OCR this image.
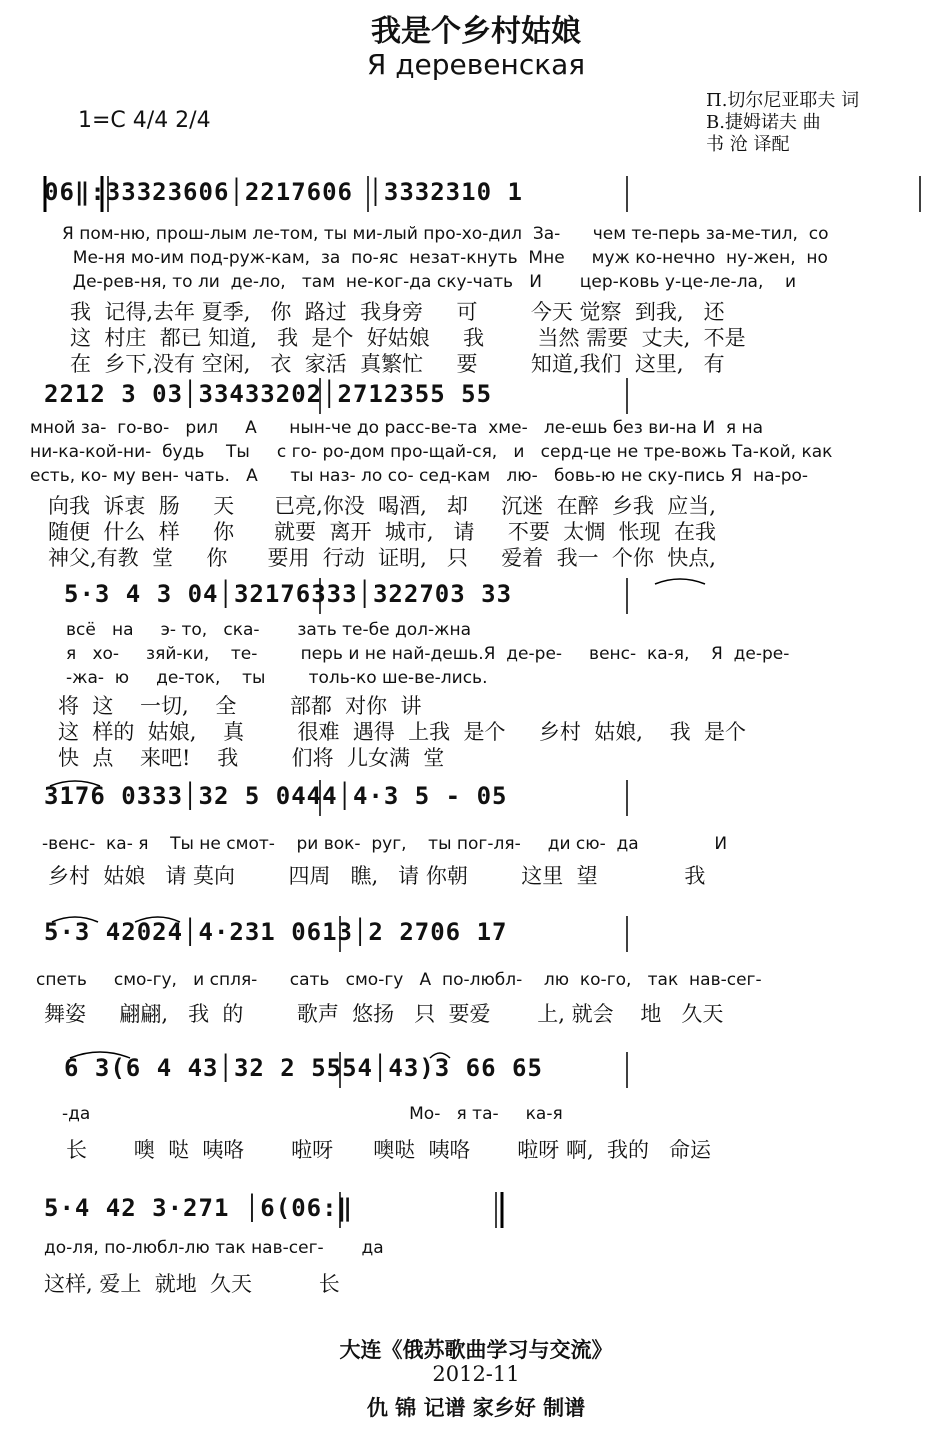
我是个乡村姑娘
Я деревенская
1=C 4/4 2/4
П.切尔尼亚耶夫 词
В.捷姆诺夫 曲
书 沧 译配
06‖:33323606│2217606 │3332310 1
Я пом-ню, прош-лым ле-том, ты ми-лый про-хо-дил  За-      чем те-перь за-ме-тил,  со
Ме-ня мо-им под-руж-кам,  за  по-яс  незат-кнуть  Мне     муж ко-нечно  ну-жен,  но
Де-рев-ня, то ли  де-ло,   там  не-ког-да ску-чать   И       цер-ковь у-це-ле-ла,    и
我  记得,去年 夏季,   你  路过  我身旁     可        今天 觉察  到我,   还
这  村庄  都已 知道,   我  是个  好姑娘     我        当然 需要  丈夫,  不是
在  乡下,没有 空闲,   衣  家活  真繁忙     要        知道,我们  这里,   有
2212 3 03│33433202│2712355 55
мной за-  го-во-   рил     А      нын-че до расс-ве-та  хме-   ле-ешь без ви-на И  я на
ни-ка-кой-ни-  будь    Ты     с го- ро-дом про-щай-ся,   и   серд-це не тре-вожь Та-кой, как
есть, ко- му вен- чать.   А      ты наз- ло со- сед-кам   лю-   бовь-ю не ску-пись Я  на-ро-
向我  诉衷  肠     天      已亮,你没  喝酒,   却     沉迷  在醉  乡我  应当,
随便  什么  样     你      就要  离开  城市,   请     不要  太惆  怅现  在我
神父,有教  堂     你      要用  行动  证明,   只     爱着  我一  个你  快点,
5·3 4 3 04│32176333│322703 33
всё   на     э- то,   ска-       зать те-бе дол-жна
я   хо-     зяй-ки,    те-        перь и не най-дешь.Я  де-ре-     венс-  ка-я,    Я  де-ре-
-жа-  ю     де-ток,    ты        толь-ко ше-ве-лись.
将  这    一切,    全        部都  对你  讲
这  样的  姑娘,    真        很难  遇得  上我  是个     乡村  姑娘,    我  是个
快  点    来吧!    我        们将  儿女满  堂
3176 0333│32 5 0444│4·3 5 - 05
-венс-  ка- я    Ты не смот-    ри вок-  руг,    ты пог-ля-     ди сю-  да              И
乡村  姑娘   请 莫向        四周   瞧,   请 你朝        这里  望             我
5·3 42024│4·231 0613│2 2706 17
спеть     смо-гу,   и спля-      сать   смо-гу   А  по-любл-    лю  ко-го,   так  нав-сег-
舞姿     翩翩,   我  的        歌声  悠扬   只  要爱       上, 就会    地   久天
6 3(6 4 43│32 2 5554│43)3 66 65
-да                                                           Мо-   я та-     ка-я
长       噢  哒  咦咯       啦呀      噢哒  咦咯       啦呀 啊,  我的   命运
5·4 42 3·271 │6(06:‖
до-ля, по-любл-лю так нав-сег-       да
这样, 爱上  就地  久天          长
大连《俄苏歌曲学习与交流》
2012-11
仇 锦 记谱 家乡好 制谱
